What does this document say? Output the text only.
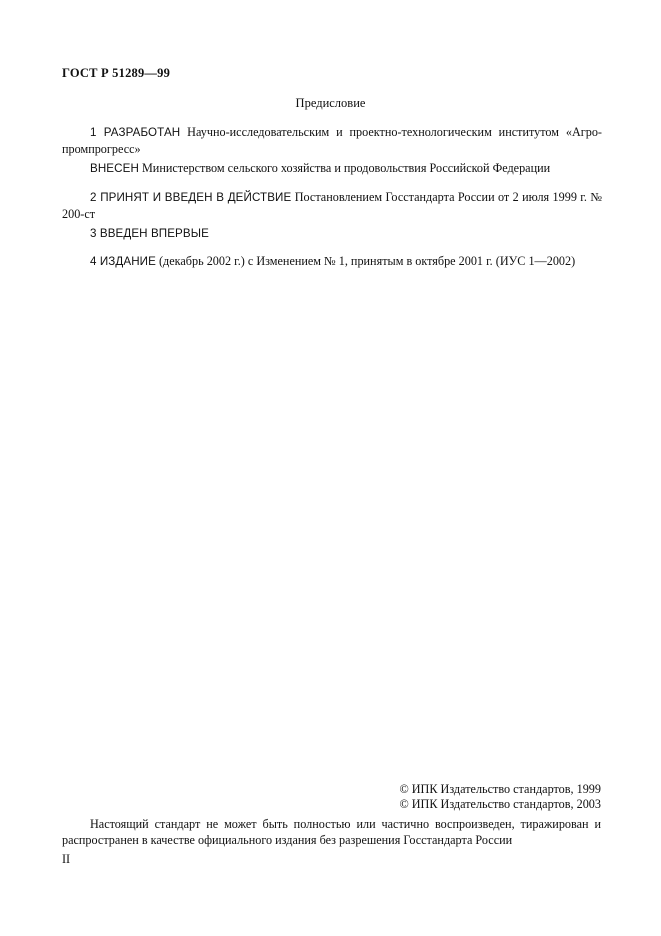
ГОСТ Р 51289—99
Предисловие
1 РАЗРАБОТАН Научно-исследовательским и проектно-технологическим институтом «Агро-промпрогресс»
ВНЕСЕН Министерством сельского хозяйства и продовольствия Российской Федерации
2 ПРИНЯТ И ВВЕДЕН В ДЕЙСТВИЕ Постановлением Госстандарта России от 2 июля 1999 г. № 200-ст
3 ВВЕДЕН ВПЕРВЫЕ
4 ИЗДАНИЕ (декабрь 2002 г.) с Изменением № 1, принятым в октябре 2001 г. (ИУС 1—2002)
© ИПК Издательство стандартов, 1999
© ИПК Издательство стандартов, 2003
Настоящий стандарт не может быть полностью или частично воспроизведен, тиражирован и распространен в качестве официального издания без разрешения Госстандарта России
II
